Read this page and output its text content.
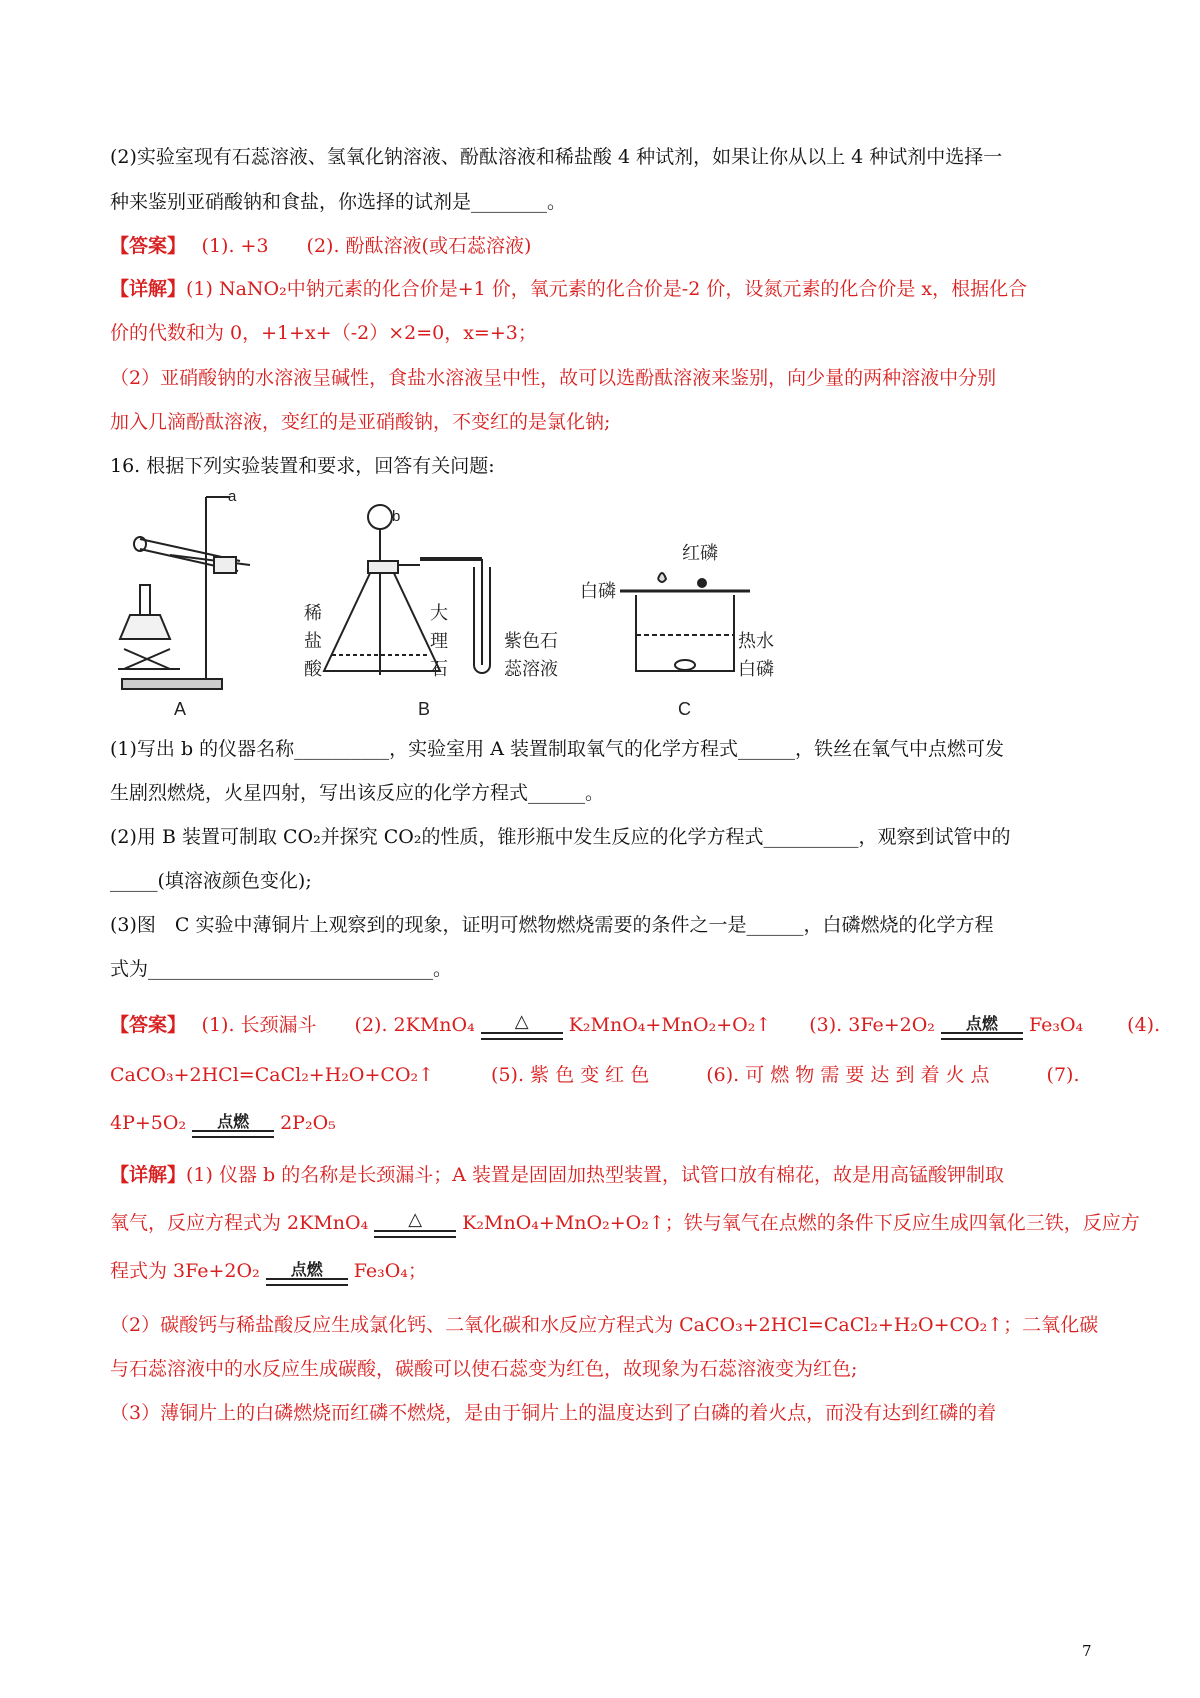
(2)实验室现有石蕊溶液、氢氧化钠溶液、酚酞溶液和稀盐酸 4 种试剂，如果让你从以上 4 种试剂中选择一
种来鉴别亚硝酸钠和食盐，你选择的试剂是________。
【答案】　 (1). +3　　(2). 酚酞溶液(或石蕊溶液)
【详解】(1) NaNO₂中钠元素的化合价是+1 价，氧元素的化合价是-2 价，设氮元素的化合价是 x，根据化合
价的代数和为 0，+1+x+（-2）×2=0，x=+3；
（2）亚硝酸钠的水溶液呈碱性，食盐水溶液呈中性，故可以选酚酞溶液来鉴别，向少量的两种溶液中分别
加入几滴酚酞溶液，变红的是亚硝酸钠，不变红的是氯化钠;
16. 根据下列实验装置和要求，回答有关问题:
a
A
b
稀
盐
酸
大
理
石
紫色石
蕊溶液
B
红磷
白磷
热水
白磷
C
(1)写出 b 的仪器名称__________，实验室用 A 装置制取氧气的化学方程式______，铁丝在氧气中点燃可发
生剧烈燃烧，火星四射，写出该反应的化学方程式______。
(2)用 B 装置可制取 CO₂并探究 CO₂的性质，锥形瓶中发生反应的化学方程式__________，观察到试管中的
_____(填溶液颜色变化);
(3)图　C 实验中薄铜片上观察到的现象，证明可燃物燃烧需要的条件之一是______，白磷燃烧的化学方程
式为______________________________。
【答案】　 (1). 长颈漏斗　　(2). 2KMnO₄	△	K₂MnO₄+MnO₂+O₂↑　　(3). 3Fe+2O₂	点燃	Fe₃O₄　　 (4).
CaCO₃+2HCl=CaCl₂+H₂O+CO₂↑　　　(5). 紫 色 变 红 色　　　(6). 可 燃 物 需 要 达 到 着 火 点　　　(7).
4P+5O₂	点燃	2P₂O₅
【详解】(1) 仪器 b 的名称是长颈漏斗；A 装置是固固加热型装置，试管口放有棉花，故是用高锰酸钾制取
氧气，反应方程式为 2KMnO₄	△	K₂MnO₄+MnO₂+O₂↑；铁与氧气在点燃的条件下反应生成四氧化三铁，反应方
程式为 3Fe+2O₂	点燃	Fe₃O₄；
（2）碳酸钙与稀盐酸反应生成氯化钙、二氧化碳和水反应方程式为 CaCO₃+2HCl=CaCl₂+H₂O+CO₂↑；二氧化碳
与石蕊溶液中的水反应生成碳酸，碳酸可以使石蕊变为红色，故现象为石蕊溶液变为红色;
（3）薄铜片上的白磷燃烧而红磷不燃烧，是由于铜片上的温度达到了白磷的着火点，而没有达到红磷的着
7
